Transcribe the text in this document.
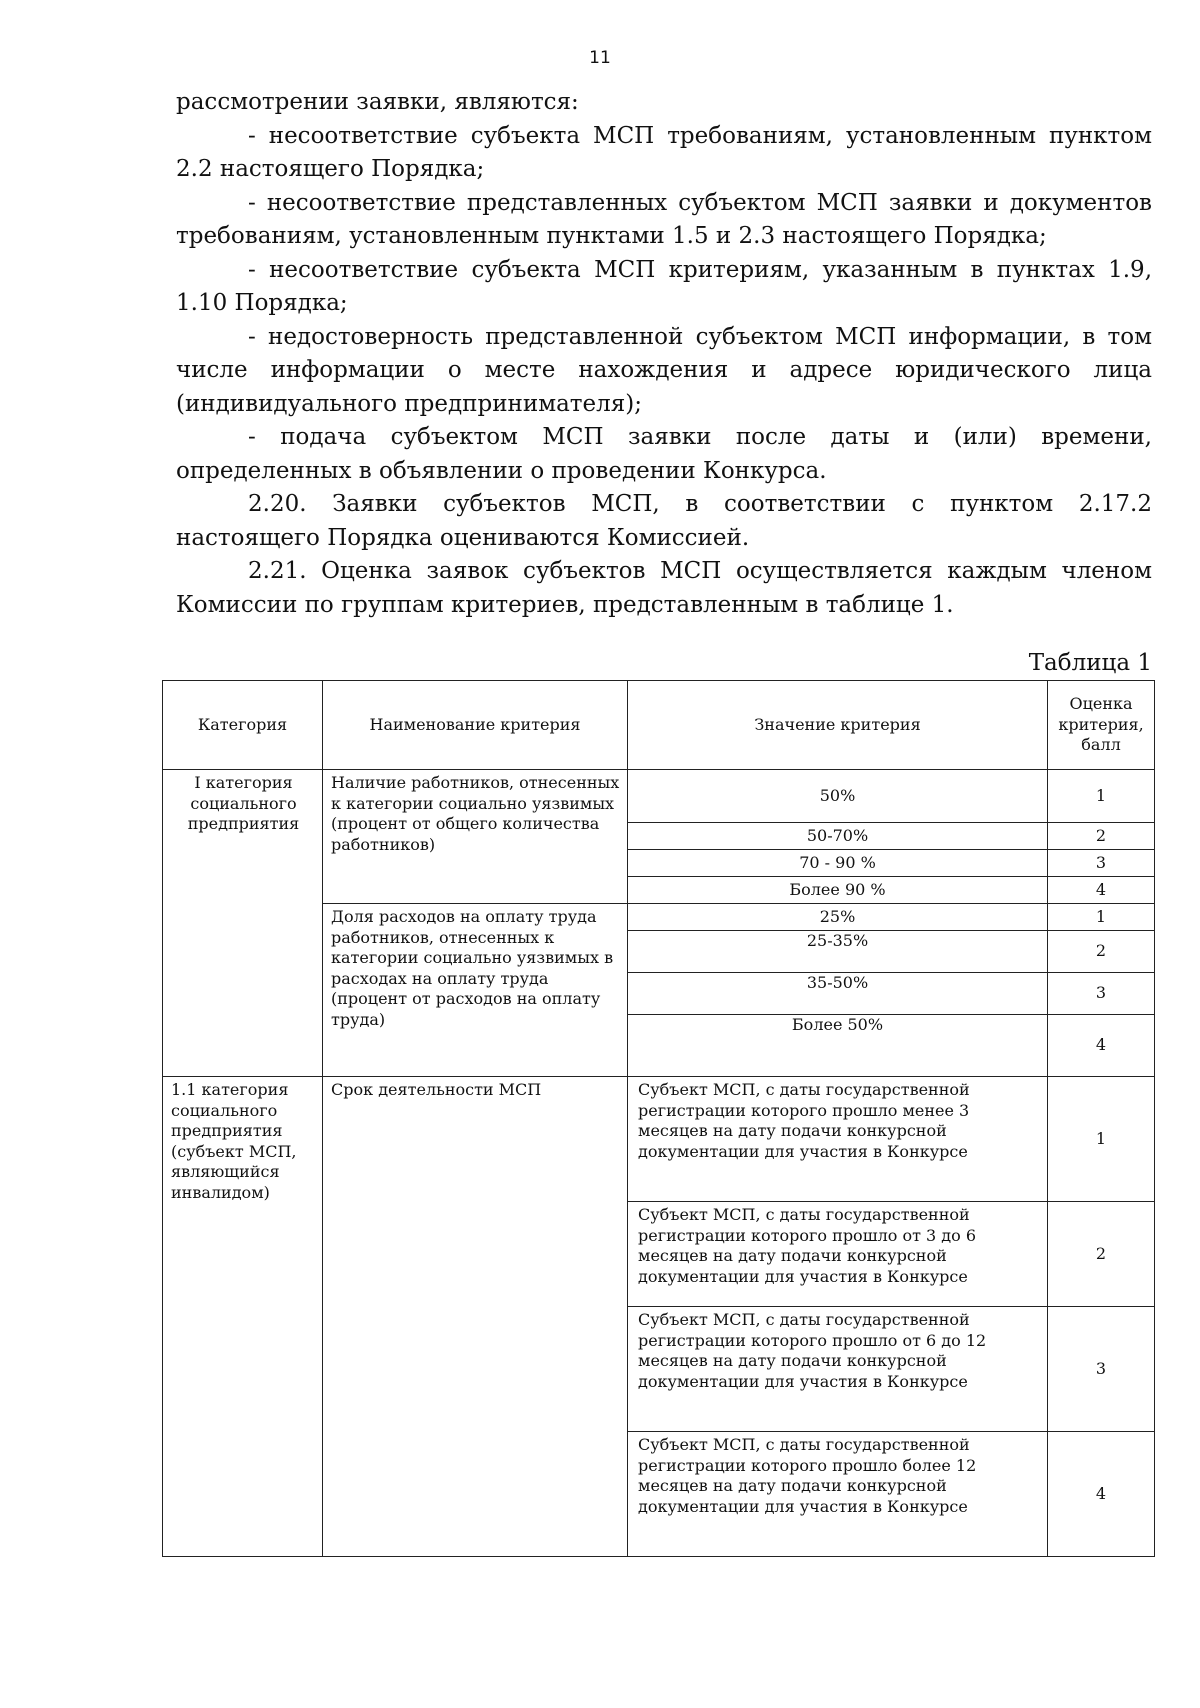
11

рассмотрении заявки, являются:

- несоответствие субъекта МСП требованиям, установленным пунктом 2.2 настоящего Порядка;

- несоответствие представленных субъектом МСП заявки и документов требованиям, установленным пунктами 1.5 и 2.3 настоящего Порядка;

- несоответствие субъекта МСП критериям, указанным в пунктах 1.9, 1.10 Порядка;

- недостоверность представленной субъектом МСП информации, в том числе информации о месте нахождения и адресе юридического лица (индивидуального предпринимателя);

- подача субъектом МСП заявки после даты и (или) времени, определенных в объявлении о проведении Конкурса.

2.20. Заявки субъектов МСП, в соответствии с пунктом 2.17.2 настоящего Порядка оцениваются Комиссией.

2.21. Оценка заявок субъектов МСП осуществляется каждым членом Комиссии по группам критериев, представленным в таблице 1.

Таблица 1
Категория	Наименование критерия	Значение критерия	Оценка критерия, балл
I категория социального предприятия	Наличие работников, отнесенных к категории социально уязвимых (процент от общего количества работников)	50%	1
		50-70%	2
		70 - 90 %	3
		Более 90 %	4
	Доля расходов на оплату труда работников, отнесенных к категории социально уязвимых в расходах на оплату труда (процент от расходов на оплату труда)	25%	1
		25-35%	2
		35-50%	3
		Более 50%	4
1.1 категория социального предприятия (субъект МСП, являющийся инвалидом)	Срок деятельности МСП	Субъект МСП, с даты государственной регистрации которого прошло менее 3 месяцев на дату подачи конкурсной документации для участия в Конкурсе	1
		Субъект МСП, с даты государственной регистрации которого прошло от 3 до 6 месяцев на дату подачи конкурсной документации для участия в Конкурсе	2
		Субъект МСП, с даты государственной регистрации которого прошло от 6 до 12 месяцев на дату подачи конкурсной документации для участия в Конкурсе	3
		Субъект МСП, с даты государственной регистрации которого прошло более 12 месяцев на дату подачи конкурсной документации для участия в Конкурсе	4
